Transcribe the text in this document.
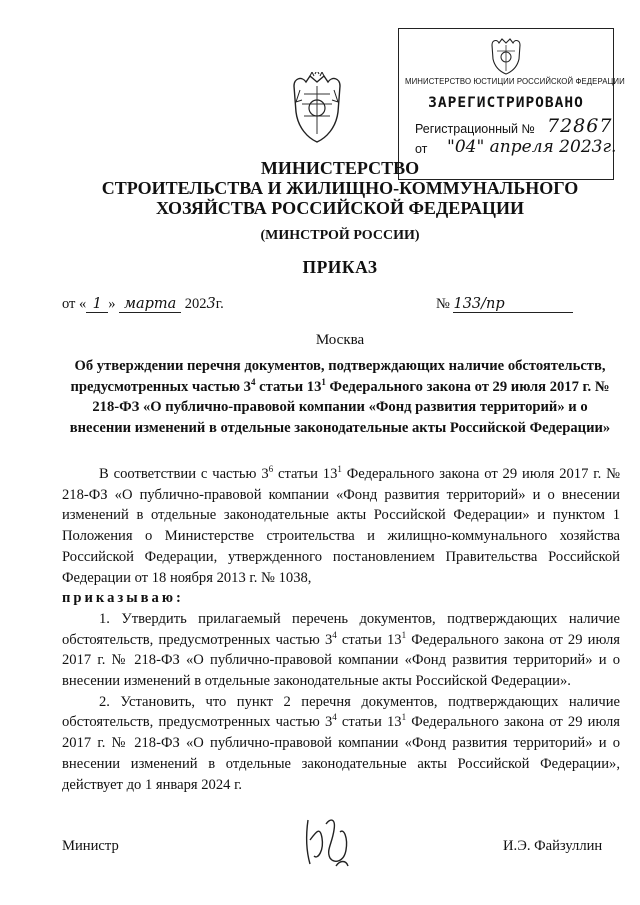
МИНИСТЕРСТВО ЮСТИЦИИ РОССИЙСКОЙ ФЕДЕРАЦИИ
ЗАРЕГИСТРИРОВАНО
Регистрационный № 72867
от "04" апреля 2023г.
МИНИСТЕРСТВО
СТРОИТЕЛЬСТВА И ЖИЛИЩНО-КОММУНАЛЬНОГО
ХОЗЯЙСТВА РОССИЙСКОЙ ФЕДЕРАЦИИ
(МИНСТРОЙ РОССИИ)
ПРИКАЗ
от « 1 » марта 2023г.	№ 133/пр
Москва
Об утверждении перечня документов, подтверждающих наличие обстоятельств, предусмотренных частью $3^4$ статьи $13^1$ Федерального закона от 29 июля 2017 г. № 218-ФЗ «О публично-правовой компании «Фонд развития территорий» и о внесении изменений в отдельные законодательные акты Российской Федерации»

В соответствии с частью $3^6$ статьи $13^1$ Федерального закона от 29 июля 2017 г. № 218-ФЗ «О публично-правовой компании «Фонд развития территорий» и о внесении изменений в отдельные законодательные акты Российской Федерации» и пунктом 1 Положения о Министерстве строительства и жилищно-коммунального хозяйства Российской Федерации, утвержденного постановлением Правительства Российской Федерации от 18 ноября 2013 г. № 1038,
приказываю:

1. Утвердить прилагаемый перечень документов, подтверждающих наличие обстоятельств, предусмотренных частью $3^4$ статьи $13^1$ Федерального закона от 29 июля 2017 г. № 218-ФЗ «О публично-правовой компании «Фонд развития территорий» и о внесении изменений в отдельные законодательные акты Российской Федерации».

2. Установить, что пункт 2 перечня документов, подтверждающих наличие обстоятельств, предусмотренных частью $3^4$ статьи $13^1$ Федерального закона от 29 июля 2017 г. № 218-ФЗ «О публично-правовой компании «Фонд развития территорий» и о внесении изменений в отдельные законодательные акты Российской Федерации», действует до 1 января 2024 г.

Министр	И.Э. Файзуллин
